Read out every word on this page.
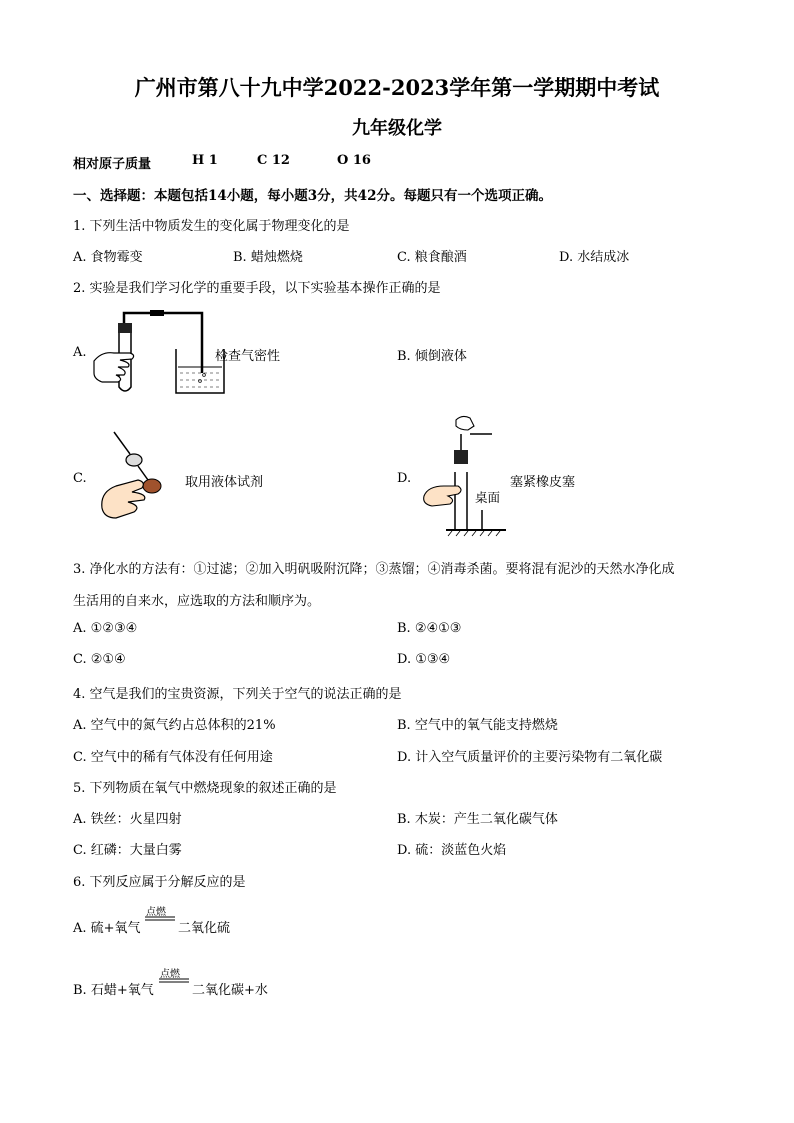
广州市第八十九中学2022-2023学年第一学期期中考试
九年级化学
相对原子质量	H 1	C 12	O 16
一、选择题：本题包括14小题，每小题3分，共42分。每题只有一个选项正确。
1. 下列生活中物质发生的变化属于物理变化的是
A. 食物霉变	B. 蜡烛燃烧	C. 粮食酿酒	D. 水结成冰
2. 实验是我们学习化学的重要手段，以下实验基本操作正确的是
A.	检查气密性	B. 倾倒液体
C.	取用液体试剂	D.
桌面
塞紧橡皮塞
3. 净化水的方法有：①过滤；②加入明矾吸附沉降；③蒸馏；④消毒杀菌。要将混有泥沙的天然水净化成
生活用的自来水，应选取的方法和顺序为。
A. ①②③④	B. ②④①③
C. ②①④	D. ①③④
4. 空气是我们的宝贵资源，下列关于空气的说法正确的是
A. 空气中的氮气约占总体积的21%	B. 空气中的氧气能支持燃烧
C. 空气中的稀有气体没有任何用途	D. 计入空气质量评价的主要污染物有二氧化碳
5. 下列物质在氧气中燃烧现象的叙述正确的是
A. 铁丝：火星四射	B. 木炭：产生二氧化碳气体
C. 红磷：大量白雾	D. 硫：淡蓝色火焰
6. 下列反应属于分解反应的是
A. 硫+氧气
点燃
二氧化硫
B. 石蜡+氧气
点燃
二氧化碳+水
